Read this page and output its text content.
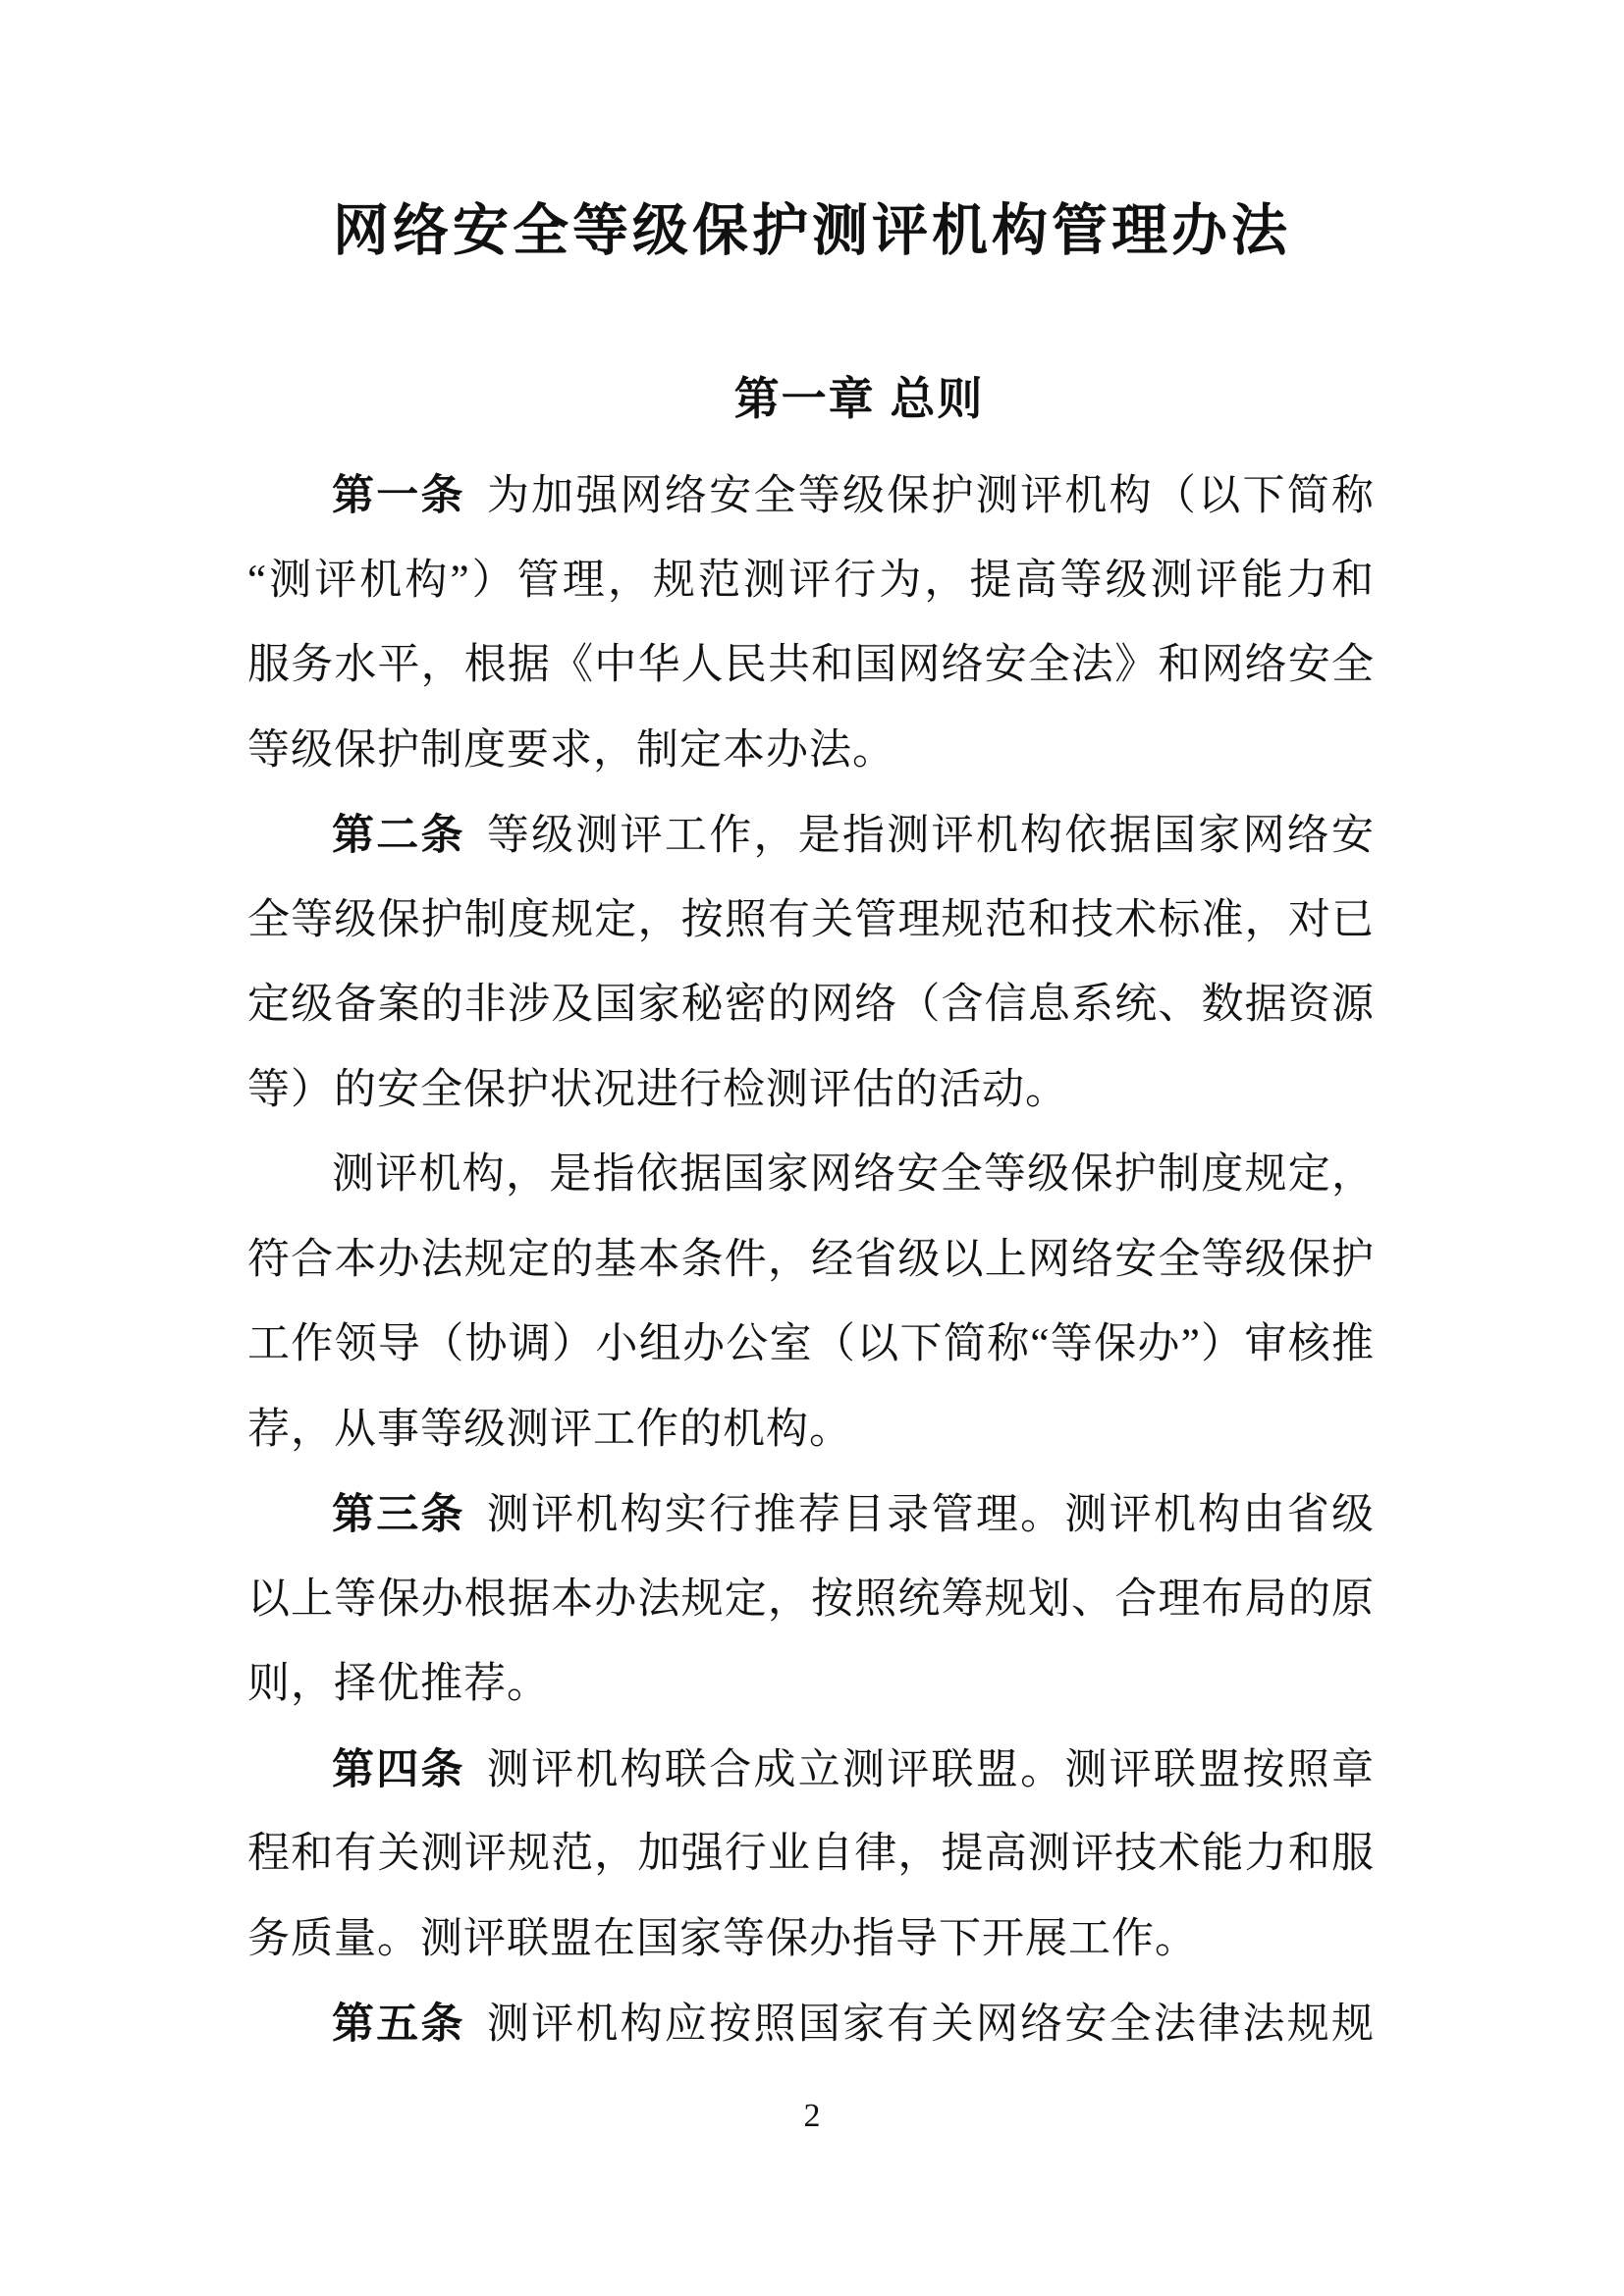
网络安全等级保护测评机构管理办法
第一章 总则
第一条 为加强网络安全等级保护测评机构（以下简称
“测评机构”）管理，规范测评行为，提高等级测评能力和
服务水平，根据《中华人民共和国网络安全法》和网络安全
等级保护制度要求，制定本办法。
第二条 等级测评工作，是指测评机构依据国家网络安
全等级保护制度规定，按照有关管理规范和技术标准，对已
定级备案的非涉及国家秘密的网络（含信息系统、数据资源
等）的安全保护状况进行检测评估的活动。
测评机构，是指依据国家网络安全等级保护制度规定，
符合本办法规定的基本条件，经省级以上网络安全等级保护
工作领导（协调）小组办公室（以下简称“等保办”）审核推
荐，从事等级测评工作的机构。
第三条 测评机构实行推荐目录管理。测评机构由省级
以上等保办根据本办法规定，按照统筹规划、合理布局的原
则，择优推荐。
第四条 测评机构联合成立测评联盟。测评联盟按照章
程和有关测评规范，加强行业自律，提高测评技术能力和服
务质量。测评联盟在国家等保办指导下开展工作。
第五条 测评机构应按照国家有关网络安全法律法规规
2
